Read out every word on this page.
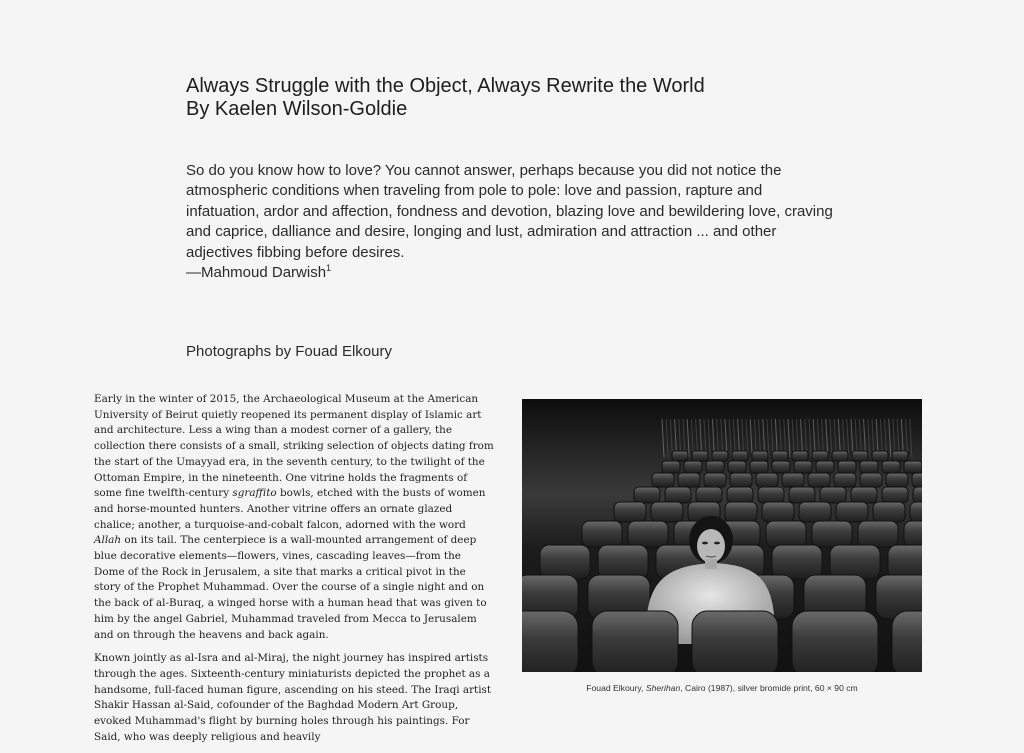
Always Struggle with the Object, Always Rewrite the World
By Kaelen Wilson-Goldie

So do you know how to love? You cannot answer, perhaps because you did not notice the atmospheric conditions when traveling from pole to pole: love and passion, rapture and infatuation, ardor and affection, fondness and devotion, blazing love and bewildering love, craving and caprice, dalliance and desire, longing and lust, admiration and attraction ... and other adjectives fibbing before desires.

—Mahmoud Darwish$^1$

Photographs by Fouad Elkoury

Early in the winter of 2015, the Archaeological Museum at the American University of Beirut quietly reopened its permanent display of Islamic art and architecture. Less a wing than a modest corner of a gallery, the collection there consists of a small, striking selection of objects dating from the start of the Umayyad era, in the seventh century, to the twilight of the Ottoman Empire, in the nineteenth. One vitrine holds the fragments of some fine twelfth-century sgraffito bowls, etched with the busts of women and horse-mounted hunters. Another vitrine offers an ornate glazed chalice; another, a turquoise-and-cobalt falcon, adorned with the word Allah on its tail. The centerpiece is a wall-mounted arrangement of deep blue decorative elements—flowers, vines, cascading leaves—from the Dome of the Rock in Jerusalem, a site that marks a critical pivot in the story of the Prophet Muhammad. Over the course of a single night and on the back of al-Buraq, a winged horse with a human head that was given to him by the angel Gabriel, Muhammad traveled from Mecca to Jerusalem and on through the heavens and back again.

Known jointly as al-Isra and al-Miraj, the night journey has inspired artists through the ages. Sixteenth-century miniaturists depicted the prophet as a handsome, full-faced human figure, ascending on his steed. The Iraqi artist Shakir Hassan al-Said, cofounder of the Baghdad Modern Art Group, evoked Muhammad's flight by burning holes through his paintings. For Said, who was deeply religious and heavily

Fouad Elkoury, Sherihan, Cairo (1987), silver bromide print, 60 × 90 cm
